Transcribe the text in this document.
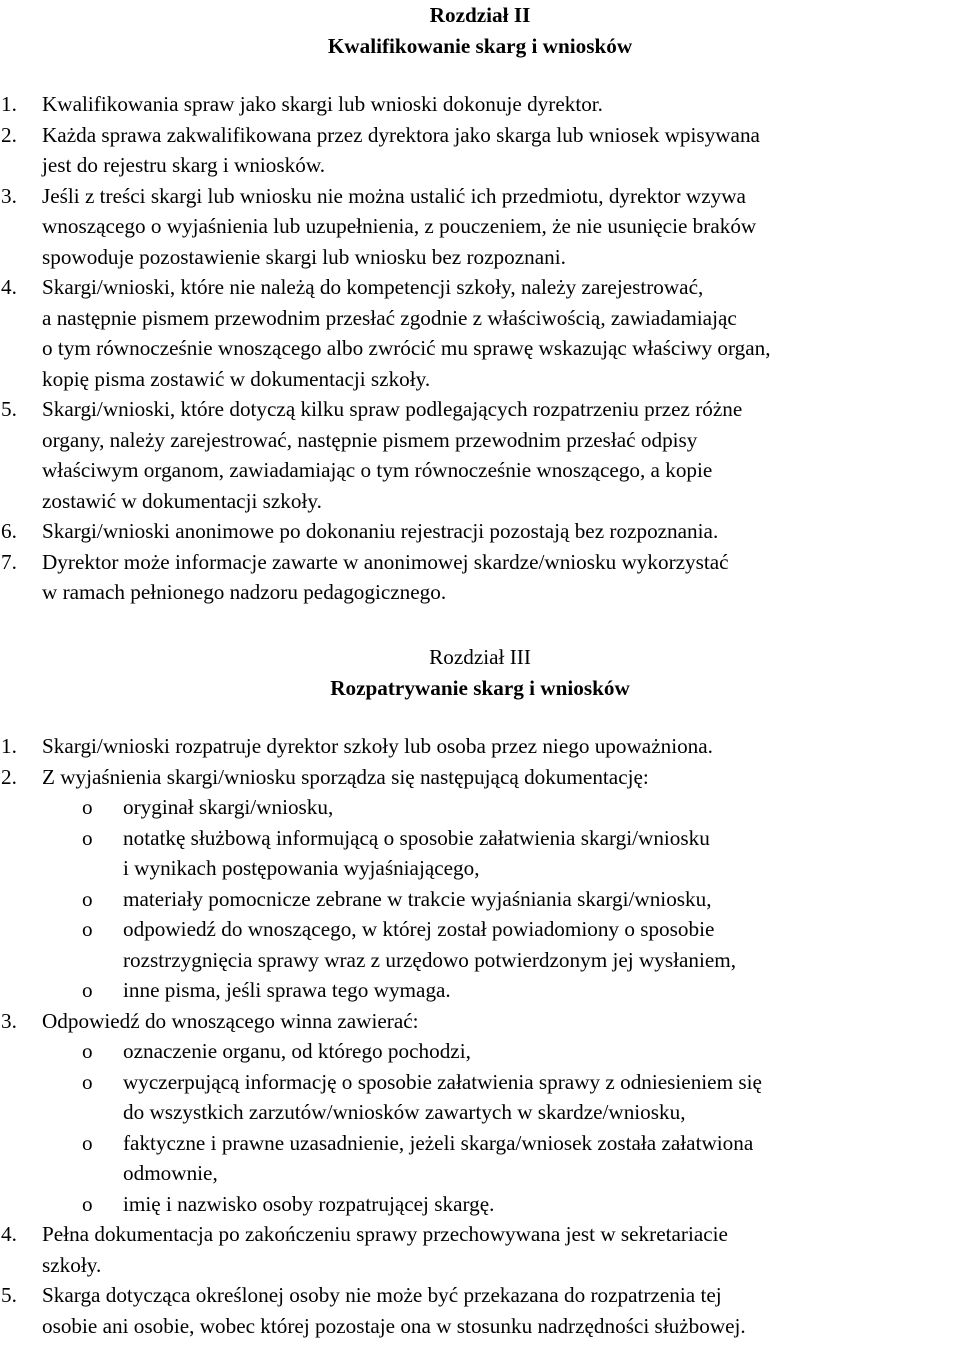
Rozdział II
Kwalifikowanie skarg i wniosków
1. Kwalifikowania spraw jako skargi lub wnioski dokonuje dyrektor.
2. Każda sprawa zakwalifikowana przez dyrektora jako skarga lub wniosek wpisywana
jest do rejestru skarg i wniosków.
3. Jeśli z treści skargi lub wniosku nie można ustalić ich przedmiotu, dyrektor wzywa
wnoszącego o wyjaśnienia lub uzupełnienia, z pouczeniem, że nie usunięcie braków
spowoduje pozostawienie skargi lub wniosku bez rozpoznani.
4. Skargi/wnioski, które nie należą do kompetencji szkoły, należy zarejestrować,
a następnie pismem przewodnim przesłać zgodnie z właściwością, zawiadamiając
o tym równocześnie wnoszącego albo zwrócić mu sprawę wskazując właściwy organ,
kopię pisma zostawić w dokumentacji szkoły.
5. Skargi/wnioski, które dotyczą kilku spraw podlegających rozpatrzeniu przez różne
organy, należy zarejestrować, następnie pismem przewodnim przesłać odpisy
właściwym organom, zawiadamiając o tym równocześnie wnoszącego, a kopie
zostawić w dokumentacji szkoły.
6. Skargi/wnioski anonimowe po dokonaniu rejestracji pozostają bez rozpoznania.
7. Dyrektor może informacje zawarte w anonimowej skardze/wniosku wykorzystać
w ramach pełnionego nadzoru pedagogicznego.
Rozdział III
Rozpatrywanie skarg i wniosków
1. Skargi/wnioski rozpatruje dyrektor szkoły lub osoba przez niego upoważniona.
2. Z wyjaśnienia skargi/wniosku sporządza się następującą dokumentację:
o oryginał skargi/wniosku,
o notatkę służbową informującą o sposobie załatwienia skargi/wniosku
i wynikach postępowania wyjaśniającego,
o materiały pomocnicze zebrane w trakcie wyjaśniania skargi/wniosku,
o odpowiedź do wnoszącego, w której został powiadomiony o sposobie
rozstrzygnięcia sprawy wraz z urzędowo potwierdzonym jej wysłaniem,
o inne pisma, jeśli sprawa tego wymaga.
3. Odpowiedź do wnoszącego winna zawierać:
o oznaczenie organu, od którego pochodzi,
o wyczerpującą informację o sposobie załatwienia sprawy z odniesieniem się
do wszystkich zarzutów/wniosków zawartych w skardze/wniosku,
o faktyczne i prawne uzasadnienie, jeżeli skarga/wniosek została załatwiona
odmownie,
o imię i nazwisko osoby rozpatrującej skargę.
4. Pełna dokumentacja po zakończeniu sprawy przechowywana jest w sekretariacie
szkoły.
5. Skarga dotycząca określonej osoby nie może być przekazana do rozpatrzenia tej
osobie ani osobie, wobec której pozostaje ona w stosunku nadrzędności służbowej.
